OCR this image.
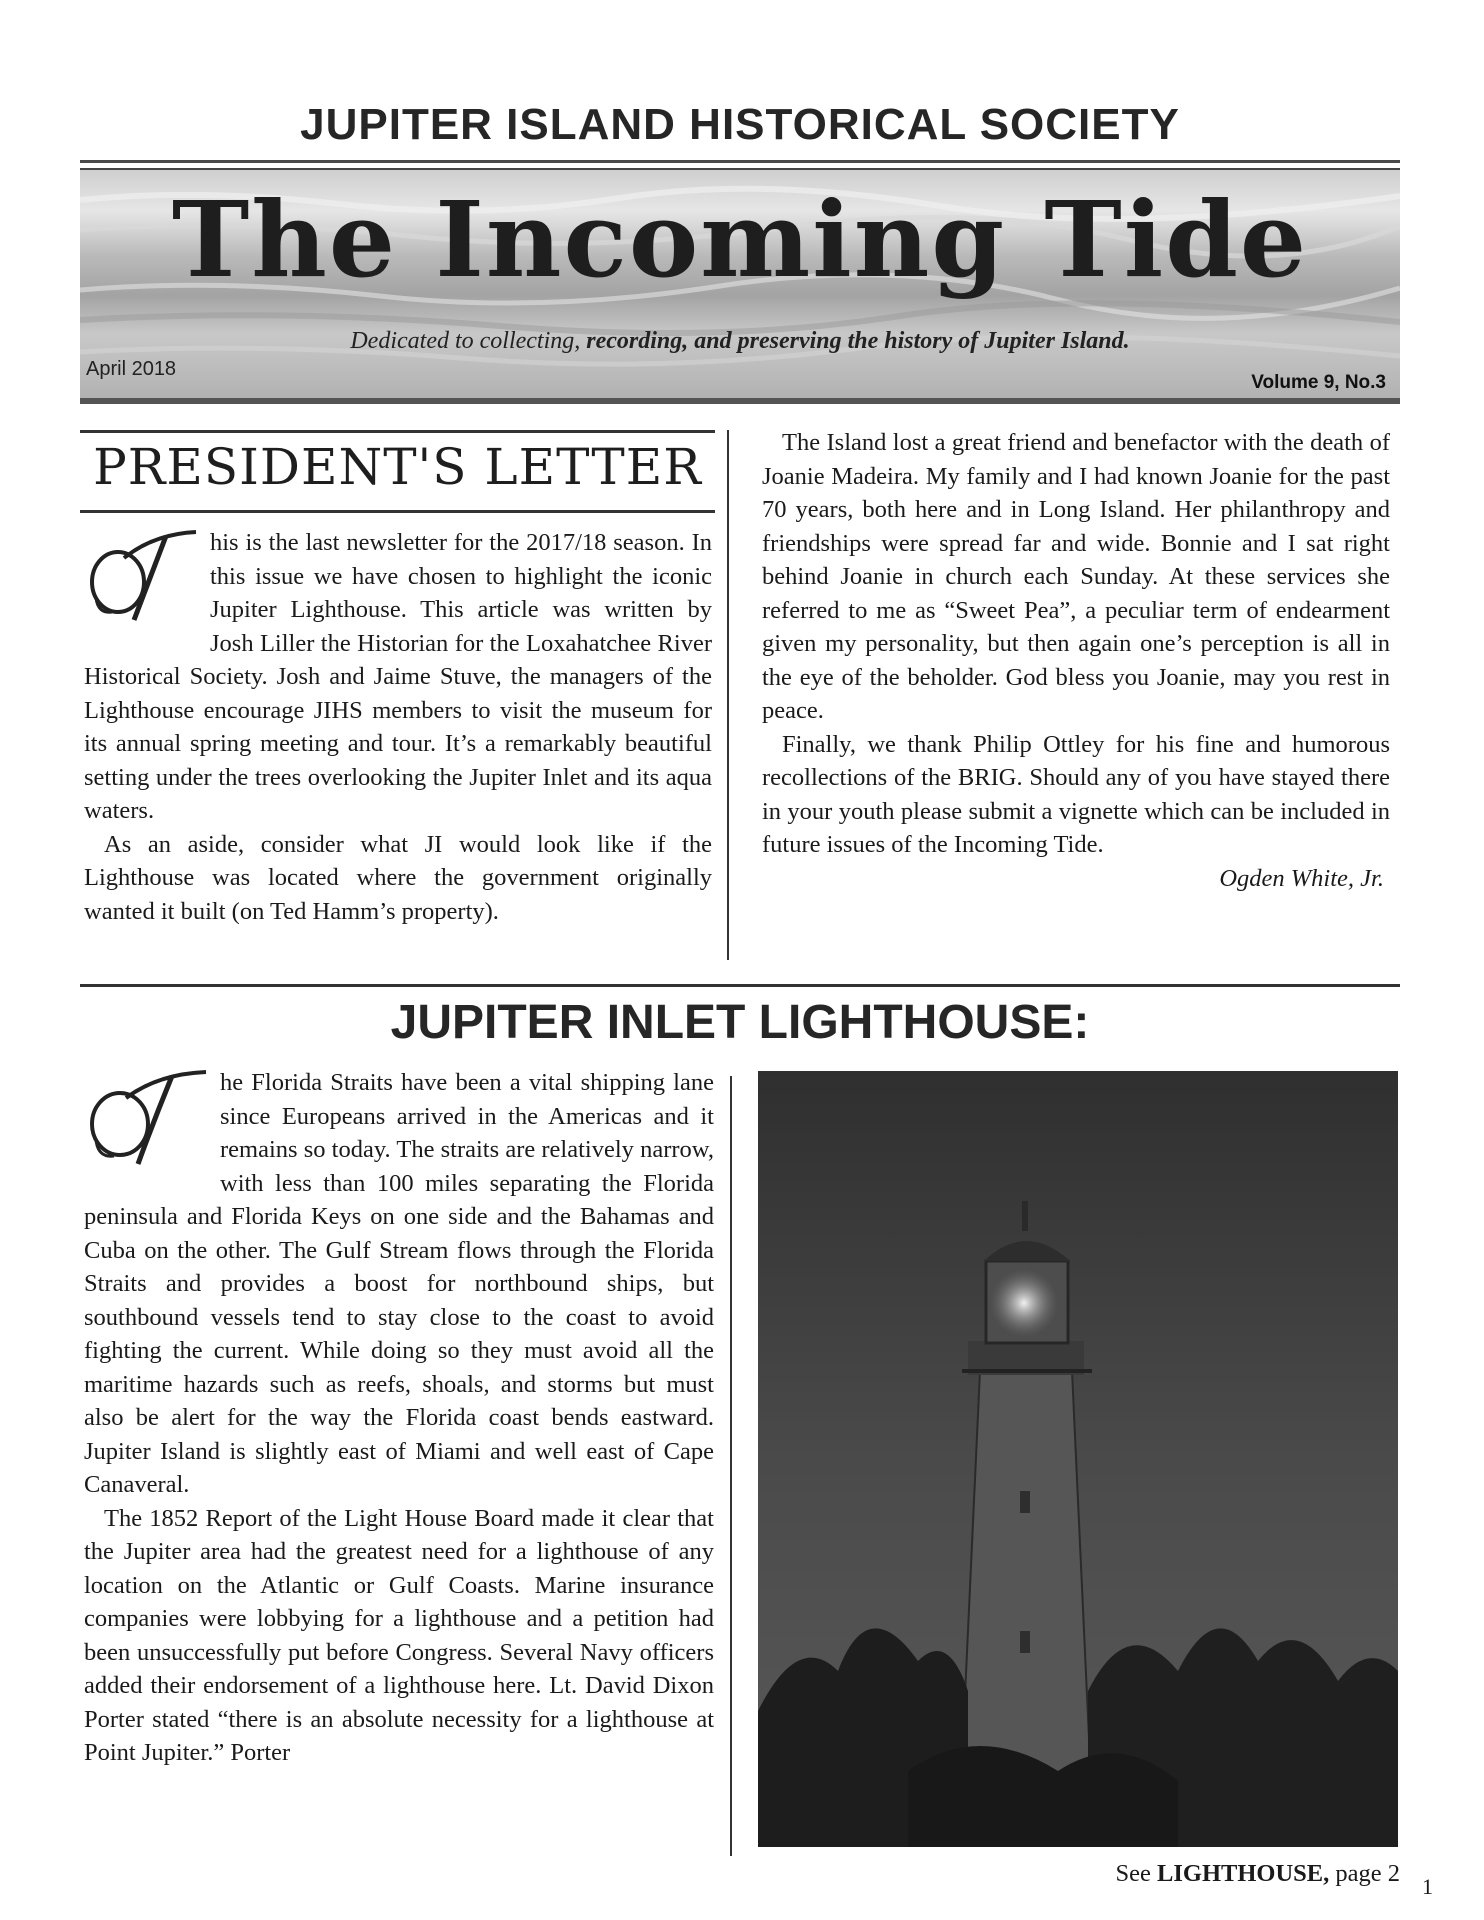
JUPITER ISLAND HISTORICAL SOCIETY
The Incoming Tide
Dedicated to collecting, recording, and preserving the history of Jupiter Island.
April 2018
Volume 9, No.3
PRESIDENT'S LETTER

his is the last newsletter for the 2017/18 season. In this issue we have chosen to highlight the iconic Jupiter Lighthouse. This article was written by Josh Liller the Historian for the Loxahatchee River Historical Society. Josh and Jaime Stuve, the managers of the Lighthouse encourage JIHS members to visit the museum for its annual spring meeting and tour. It’s a remarkably beautiful setting under the trees overlooking the Jupiter Inlet and its aqua waters.

As an aside, consider what JI would look like if the Lighthouse was located where the government originally wanted it built (on Ted Hamm’s property).

The Island lost a great friend and benefactor with the death of Joanie Madeira. My family and I had known Joanie for the past 70 years, both here and in Long Island. Her philanthropy and friendships were spread far and wide. Bonnie and I sat right behind Joanie in church each Sunday. At these services she referred to me as “Sweet Pea”, a peculiar term of endearment given my personality, but then again one’s perception is all in the eye of the beholder. God bless you Joanie, may you rest in peace.

Finally, we thank Philip Ottley for his fine and humorous recollections of the BRIG. Should any of you have stayed there in your youth please submit a vignette which can be included in future issues of the Incoming Tide.

Ogden White, Jr.

JUPITER INLET LIGHTHOUSE:

he Florida Straits have been a vital shipping lane since Europeans arrived in the Americas and it remains so today. The straits are relatively narrow, with less than 100 miles separating the Florida peninsula and Florida Keys on one side and the Bahamas and Cuba on the other. The Gulf Stream flows through the Florida Straits and provides a boost for northbound ships, but southbound vessels tend to stay close to the coast to avoid fighting the current. While doing so they must avoid all the maritime hazards such as reefs, shoals, and storms but must also be alert for the way the Florida coast bends eastward. Jupiter Island is slightly east of Miami and well east of Cape Canaveral.

The 1852 Report of the Light House Board made it clear that the Jupiter area had the greatest need for a lighthouse of any location on the Atlantic or Gulf Coasts. Marine insurance companies were lobbying for a lighthouse and a petition had been unsuccessfully put before Congress. Several Navy officers added their endorsement of a lighthouse here. Lt. David Dixon Porter stated “there is an absolute necessity for a lighthouse at Point Jupiter.” Porter

See LIGHTHOUSE, page 2 1
